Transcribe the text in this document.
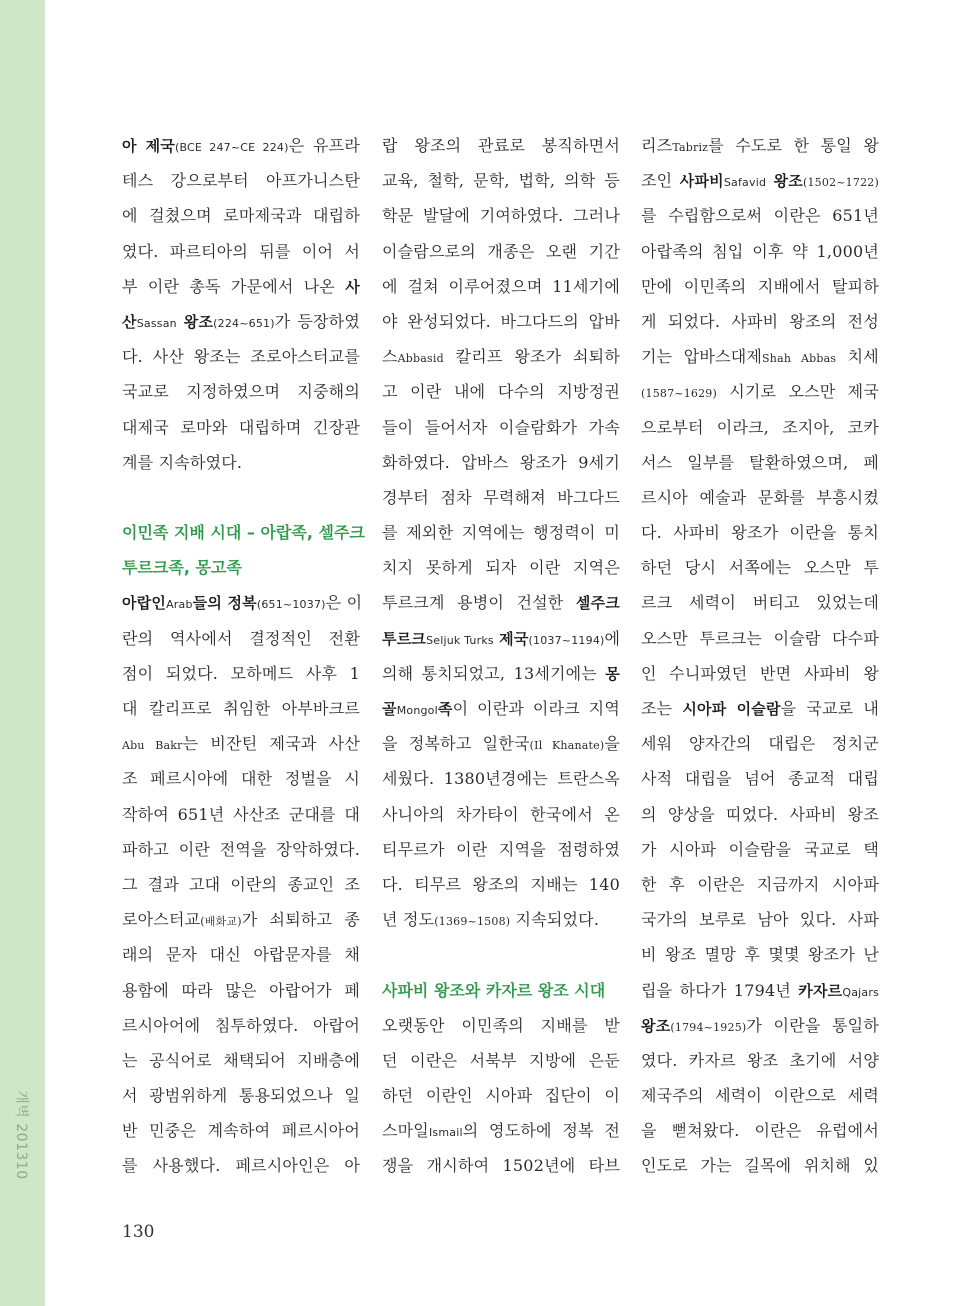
개벽 201310
아 제국(BCE 247~CE 224)은 유프라
테스 강으로부터 아프가니스탄
에 걸쳤으며 로마제국과 대립하
였다. 파르티아의 뒤를 이어 서
부 이란 총독 가문에서 나온 사
산Sassan 왕조(224~651)가 등장하였
다. 사산 왕조는 조로아스터교를
국교로 지정하였으며 지중해의
대제국 로마와 대립하며 긴장관
계를 지속하였다.
이민족 지배 시대 – 아랍족, 셀주크
투르크족, 몽고족
아랍인Arab들의 정복(651~1037)은 이
란의 역사에서 결정적인 전환
점이 되었다. 모하메드 사후 1
대 칼리프로 취임한 아부바크르
Abu Bakr는 비잔틴 제국과 사산
조 페르시아에 대한 정벌을 시
작하여 651년 사산조 군대를 대
파하고 이란 전역을 장악하였다.
그 결과 고대 이란의 종교인 조
로아스터교(배화교)가 쇠퇴하고 종
래의 문자 대신 아랍문자를 채
용함에 따라 많은 아랍어가 페
르시아어에 침투하였다. 아랍어
는 공식어로 채택되어 지배층에
서 광범위하게 통용되었으나 일
반 민중은 계속하여 페르시아어
를 사용했다. 페르시아인은 아
랍 왕조의 관료로 봉직하면서
교육, 철학, 문학, 법학, 의학 등
학문 발달에 기여하였다. 그러나
이슬람으로의 개종은 오랜 기간
에 걸쳐 이루어졌으며 11세기에
야 완성되었다. 바그다드의 압바
스Abbasid 칼리프 왕조가 쇠퇴하
고 이란 내에 다수의 지방정권
들이 들어서자 이슬람화가 가속
화하였다. 압바스 왕조가 9세기
경부터 점차 무력해져 바그다드
를 제외한 지역에는 행정력이 미
치지 못하게 되자 이란 지역은
투르크계 용병이 건설한 셀주크
투르크Seljuk Turks 제국(1037~1194)에
의해 통치되었고, 13세기에는 몽
골Mongol족이 이란과 이라크 지역
을 정복하고 일한국(Il Khanate)을
세웠다. 1380년경에는 트란스옥
사니아의 차가타이 한국에서 온
티무르가 이란 지역을 점령하였
다. 티무르 왕조의 지배는 140
년 정도(1369~1508) 지속되었다.
사파비 왕조와 카자르 왕조 시대
오랫동안 이민족의 지배를 받
던 이란은 서북부 지방에 은둔
하던 이란인 시아파 집단이 이
스마일Ismail의 영도하에 정복 전
쟁을 개시하여 1502년에 타브
리즈Tabriz를 수도로 한 통일 왕
조인 사파비Safavid 왕조(1502~1722)
를 수립함으로써 이란은 651년
아랍족의 침입 이후 약 1,000년
만에 이민족의 지배에서 탈피하
게 되었다. 사파비 왕조의 전성
기는 압바스대제Shah Abbas 치세
(1587~1629) 시기로 오스만 제국
으로부터 이라크, 조지아, 코카
서스 일부를 탈환하였으며, 페
르시아 예술과 문화를 부흥시켰
다. 사파비 왕조가 이란을 통치
하던 당시 서쪽에는 오스만 투
르크 세력이 버티고 있었는데
오스만 투르크는 이슬람 다수파
인 수니파였던 반면 사파비 왕
조는 시아파 이슬람을 국교로 내
세워 양자간의 대립은 정치군
사적 대립을 넘어 종교적 대립
의 양상을 띠었다. 사파비 왕조
가 시아파 이슬람을 국교로 택
한 후 이란은 지금까지 시아파
국가의 보루로 남아 있다. 사파
비 왕조 멸망 후 몇몇 왕조가 난
립을 하다가 1794년 카자르Qajars
왕조(1794~1925)가 이란을 통일하
였다. 카자르 왕조 초기에 서양
제국주의 세력이 이란으로 세력
을 뻗쳐왔다. 이란은 유럽에서
인도로 가는 길목에 위치해 있
130
